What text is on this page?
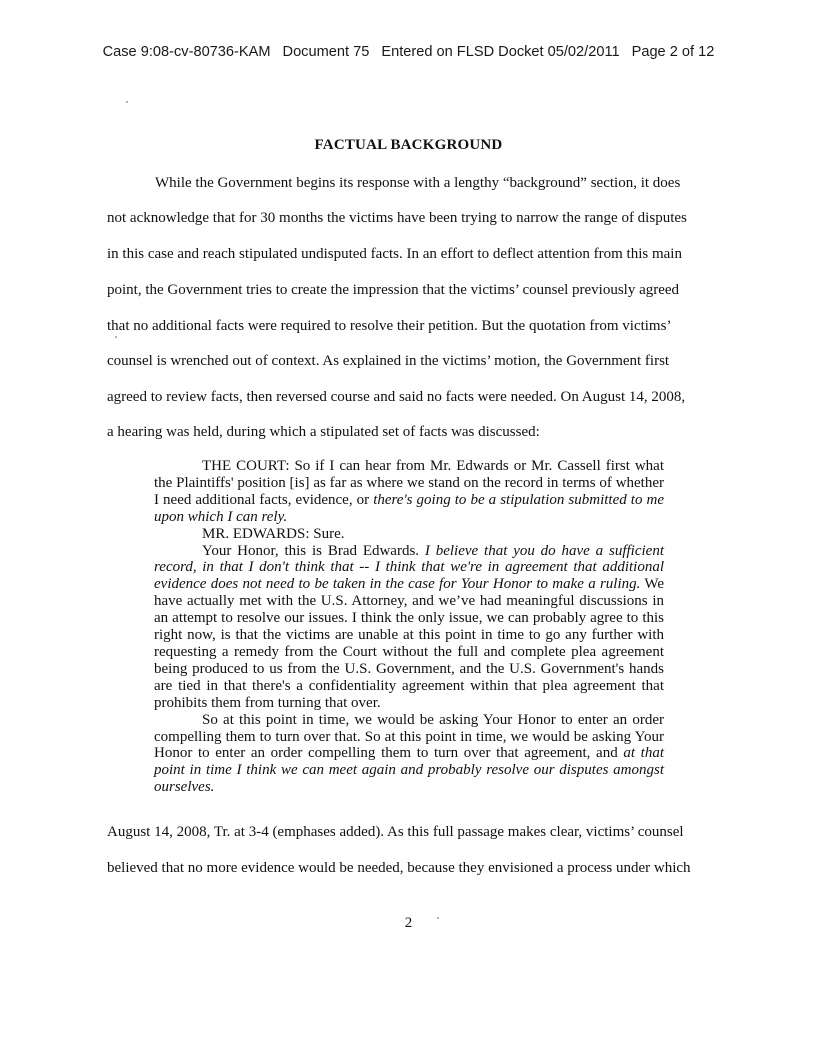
Case 9:08-cv-80736-KAM Document 75 Entered on FLSD Docket 05/02/2011 Page 2 of 12
FACTUAL BACKGROUND
While the Government begins its response with a lengthy “background” section, it does
not acknowledge that for 30 months the victims have been trying to narrow the range of disputes
in this case and reach stipulated undisputed facts. In an effort to deflect attention from this main
point, the Government tries to create the impression that the victims’ counsel previously agreed
that no additional facts were required to resolve their petition. But the quotation from victims’
counsel is wrenched out of context. As explained in the victims’ motion, the Government first
agreed to review facts, then reversed course and said no facts were needed. On August 14, 2008,
a hearing was held, during which a stipulated set of facts was discussed:

THE COURT: So if I can hear from Mr. Edwards or Mr. Cassell first what the Plaintiffs' position [is] as far as where we stand on the record in terms of whether I need additional facts, evidence, or there's going to be a stipulation submitted to me upon which I can rely.

MR. EDWARDS: Sure.

Your Honor, this is Brad Edwards. I believe that you do have a sufficient record, in that I don't think that -- I think that we're in agreement that additional evidence does not need to be taken in the case for Your Honor to make a ruling. We have actually met with the U.S. Attorney, and we’ve had meaningful discussions in an attempt to resolve our issues. I think the only issue, we can probably agree to this right now, is that the victims are unable at this point in time to go any further with requesting a remedy from the Court without the full and complete plea agreement being produced to us from the U.S. Government, and the U.S. Government's hands are tied in that there's a confidentiality agreement within that plea agreement that prohibits them from turning that over.

So at this point in time, we would be asking Your Honor to enter an order compelling them to turn over that. So at this point in time, we would be asking Your Honor to enter an order compelling them to turn over that agreement, and at that point in time I think we can meet again and probably resolve our disputes amongst ourselves.

August 14, 2008, Tr. at 3-4 (emphases added). As this full passage makes clear, victims’ counsel
believed that no more evidence would be needed, because they envisioned a process under which
2
